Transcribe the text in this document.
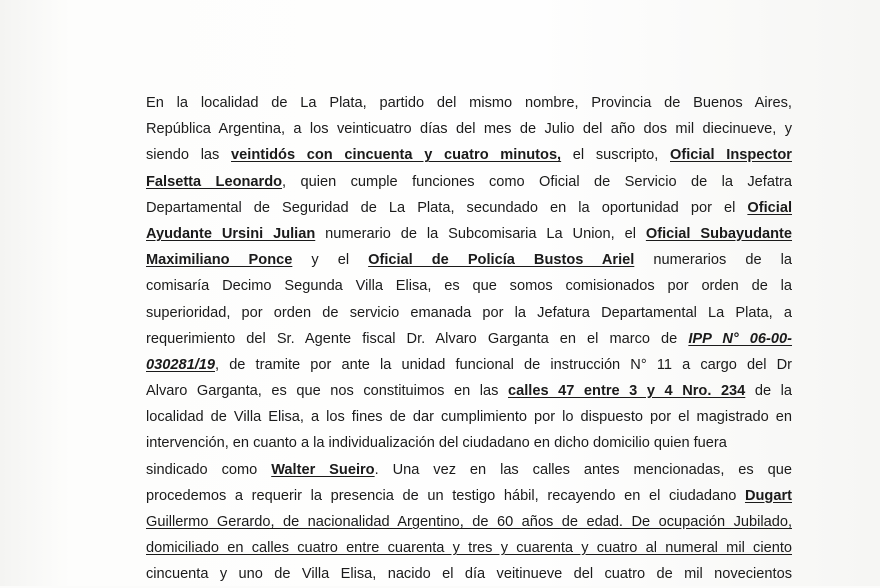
En la localidad de La Plata, partido del mismo nombre, Provincia de Buenos Aires,
República Argentina, a los veinticuatro días del mes de Julio del año dos mil diecinueve, y
siendo las veintidós con cincuenta y cuatro minutos, el suscripto, Oficial Inspector
Falsetta Leonardo, quien cumple funciones como Oficial de Servicio de la Jefatra
Departamental de Seguridad de La Plata, secundado en la oportunidad por el Oficial
Ayudante Ursini Julian numerario de la Subcomisaria La Union, el Oficial Subayudante
Maximiliano Ponce y el Oficial de Policía Bustos Ariel numerarios de la
comisaría Decimo Segunda Villa Elisa, es que somos comisionados por orden de la
superioridad, por orden de servicio emanada por la Jefatura Departamental La Plata, a
requerimiento del Sr. Agente fiscal Dr. Alvaro Garganta en el marco de IPP N° 06-00-
030281/19, de tramite por ante la unidad funcional de instrucción N° 11 a cargo del Dr
Alvaro Garganta, es que nos constituimos en las calles 47 entre 3 y 4 Nro. 234 de la
localidad de Villa Elisa, a los fines de dar cumplimiento por lo dispuesto por el magistrado en
intervención, en cuanto a la individualización del ciudadano en dicho domicilio quien fuera
sindicado como Walter Sueiro. Una vez en las calles antes mencionadas, es que
procedemos a requerir la presencia de un testigo hábil, recayendo en el ciudadano Dugart
Guillermo Gerardo, de nacionalidad Argentino, de 60 años de edad. De ocupación Jubilado,
domiciliado en calles cuatro entre cuarenta y tres y cuarenta y cuatro al numeral mil ciento
cincuenta y uno de Villa Elisa, nacido el día veitinueve del cuatro de mil novecientos
